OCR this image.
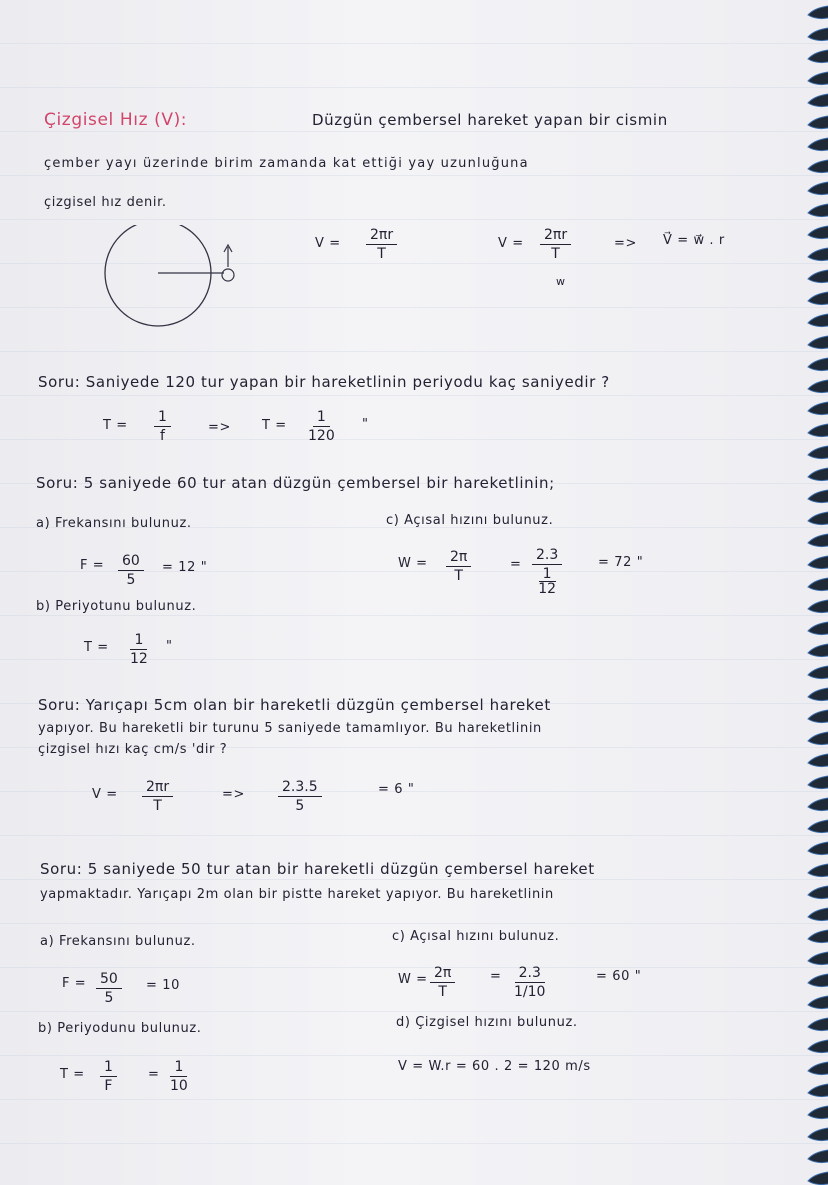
Çizgisel Hız (V):	Düzgün çembersel hareket yapan bir cismin
çember yayı üzerinde birim zamanda kat ettiği yay uzunluğuna
çizgisel hız denir.
$V = \frac{2\pi r}{T}$	$V = \frac{2\pi r}{T}$
w
=> V⃗ = w⃗ . r
Soru: Saniyede 120 tur yapan bir hareketlinin periyodu kaç saniyedir ?
$T = \frac{1}{f}$	=> $T = \frac{1}{120}$ "
Soru: 5 saniyede 60 tur atan düzgün çembersel bir hareketlinin;
a) Frekansını bulunuz.	c) Açısal hızını bulunuz.
$F = \frac{60}{5} = 12$ "	$W = \frac{2\pi}{T}$	= $\frac{2.3}{\frac{1}{12}}$	= 72 "
b) Periyotunu bulunuz.
$T = \frac{1}{12}$ "
Soru: Yarıçapı 5cm olan bir hareketli düzgün çembersel hareket
yapıyor. Bu hareketli bir turunu 5 saniyede tamamlıyor. Bu hareketlinin
çizgisel hızı kaç cm/s 'dir ?
$V = \frac{2\pi r}{T}$	=> $\frac{2.3.5}{5}$	= 6 "
Soru: 5 saniyede 50 tur atan bir hareketli düzgün çembersel hareket
yapmaktadır. Yarıçapı 2m olan bir pistte hareket yapıyor. Bu hareketlinin
a) Frekansını bulunuz.	c) Açısal hızını bulunuz.
$F = \frac{50}{5} = 10$	$W = \frac{2\pi}{T}$	= $\frac{2.3}{1/10}$	= 60 "
b) Periyodunu bulunuz.	d) Çizgisel hızını bulunuz.
$T = \frac{1}{F} = \frac{1}{10}$	V = W.r = 60 . 2 = 120 m/s
